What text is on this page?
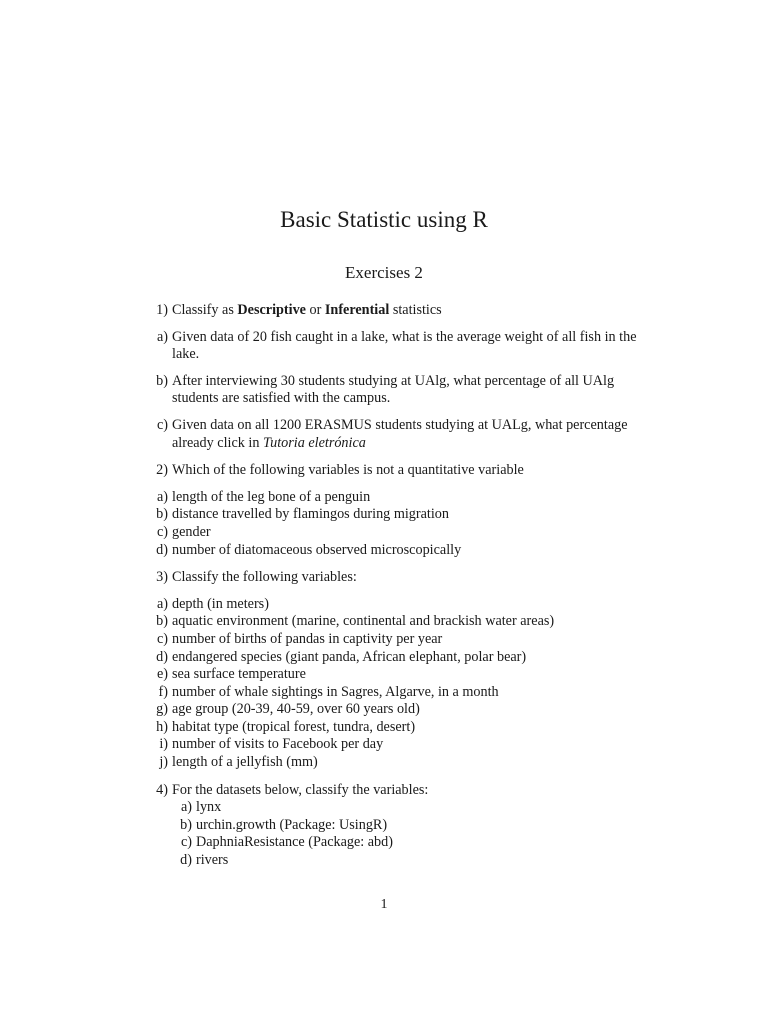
Basic Statistic using R
Exercises 2
1) Classify as Descriptive or Inferential statistics
a) Given data of 20 fish caught in a lake, what is the average weight of all fish in the lake.
b) After interviewing 30 students studying at UAlg, what percentage of all UAlg students are satisfied with the campus.
c) Given data on all 1200 ERASMUS students studying at UALg, what percentage already click in Tutoria eletrónica
2) Which of the following variables is not a quantitative variable
a) length of the leg bone of a penguin
b) distance travelled by flamingos during migration
c) gender
d) number of diatomaceous observed microscopically
3) Classify the following variables:
a) depth (in meters)
b) aquatic environment (marine, continental and brackish water areas)
c) number of births of pandas in captivity per year
d) endangered species (giant panda, African elephant, polar bear)
e) sea surface temperature
f) number of whale sightings in Sagres, Algarve, in a month
g) age group (20-39, 40-59, over 60 years old)
h) habitat type (tropical forest, tundra, desert)
i) number of visits to Facebook per day
j) length of a jellyfish (mm)
4) For the datasets below, classify the variables:
a) lynx
b) urchin.growth (Package: UsingR)
c) DaphniaResistance (Package: abd)
d) rivers
1
